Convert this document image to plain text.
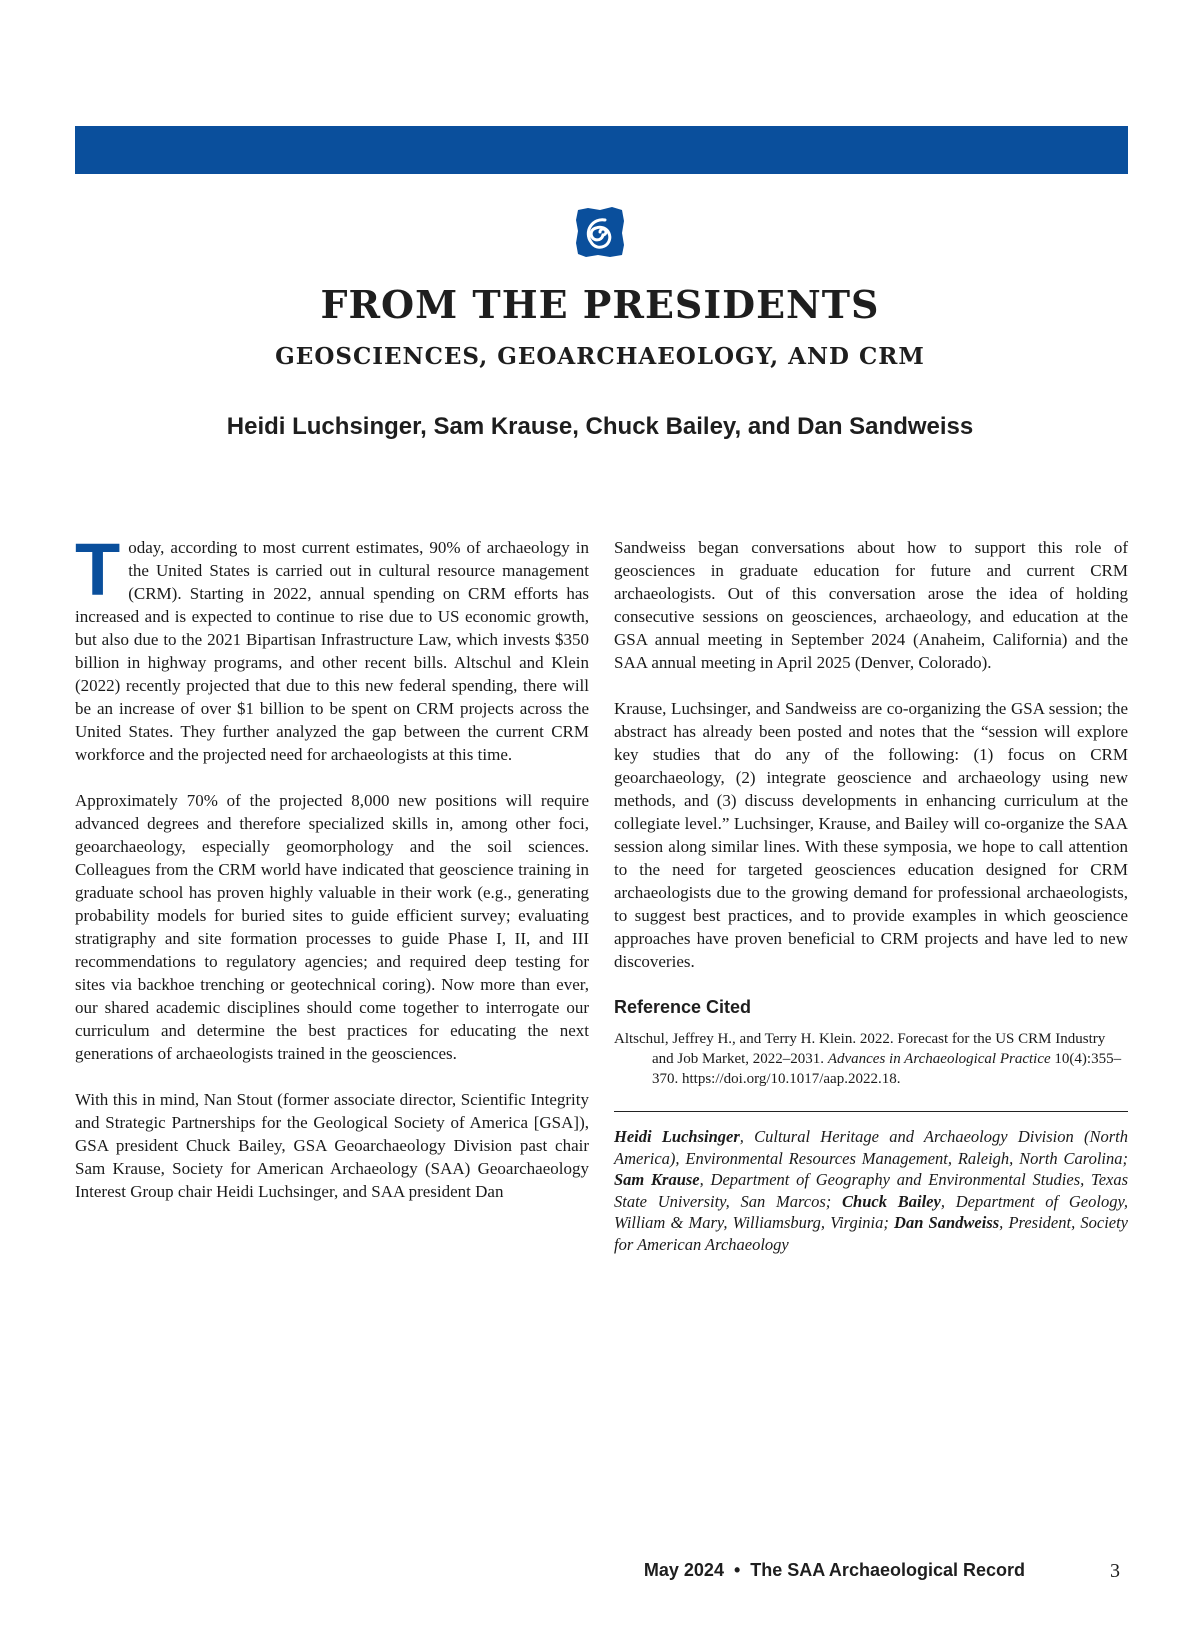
FROM THE PRESIDENTS
GEOSCIENCES, GEOARCHAEOLOGY, AND CRM
Heidi Luchsinger, Sam Krause, Chuck Bailey, and Dan Sandweiss

Today, according to most current estimates, 90% of archaeology in the United States is carried out in cultural resource management (CRM). Starting in 2022, annual spending on CRM efforts has increased and is expected to continue to rise due to US economic growth, but also due to the 2021 Bipartisan Infrastructure Law, which invests $350 billion in highway programs, and other recent bills. Altschul and Klein (2022) recently projected that due to this new federal spending, there will be an increase of over $1 billion to be spent on CRM projects across the United States. They further analyzed the gap between the current CRM workforce and the projected need for archaeologists at this time.

Approximately 70% of the projected 8,000 new positions will require advanced degrees and therefore specialized skills in, among other foci, geoarchaeology, especially geomorphology and the soil sciences. Colleagues from the CRM world have indicated that geoscience training in graduate school has proven highly valuable in their work (e.g., generating probability models for buried sites to guide efficient survey; evaluating stratigraphy and site formation processes to guide Phase I, II, and III recommendations to regulatory agencies; and required deep testing for sites via backhoe trenching or geotechnical coring). Now more than ever, our shared academic disciplines should come together to interrogate our curriculum and determine the best practices for educating the next generations of archaeologists trained in the geosciences.

With this in mind, Nan Stout (former associate director, Scientific Integrity and Strategic Partnerships for the Geological Society of America [GSA]), GSA president Chuck Bailey, GSA Geoarchaeology Division past chair Sam Krause, Society for American Archaeology (SAA) Geoarchaeology Interest Group chair Heidi Luchsinger, and SAA president Dan

Sandweiss began conversations about how to support this role of geosciences in graduate education for future and current CRM archaeologists. Out of this conversation arose the idea of holding consecutive sessions on geosciences, archaeology, and education at the GSA annual meeting in September 2024 (Anaheim, California) and the SAA annual meeting in April 2025 (Denver, Colorado).

Krause, Luchsinger, and Sandweiss are co-organizing the GSA session; the abstract has already been posted and notes that the “session will explore key studies that do any of the following: (1) focus on CRM geoarchaeology, (2) integrate geoscience and archaeology using new methods, and (3) discuss developments in enhancing curriculum at the collegiate level.” Luchsinger, Krause, and Bailey will co-organize the SAA session along similar lines. With these symposia, we hope to call attention to the need for targeted geosciences education designed for CRM archaeologists due to the growing demand for professional archaeologists, to suggest best practices, and to provide examples in which geoscience approaches have proven beneficial to CRM projects and have led to new discoveries.

Reference Cited
Altschul, Jeffrey H., and Terry H. Klein. 2022. Forecast for the US CRM Industry and Job Market, 2022–2031. Advances in Archaeological Practice 10(4):355–370. https://doi.org/10.1017/aap.2022.18.

Heidi Luchsinger, Cultural Heritage and Archaeology Division (North America), Environmental Resources Management, Raleigh, North Carolina; Sam Krause, Department of Geography and Environmental Studies, Texas State University, San Marcos; Chuck Bailey, Department of Geology, William & Mary, Williamsburg, Virginia; Dan Sandweiss, President, Society for American Archaeology

May 2024 • The SAA Archaeological Record	3
